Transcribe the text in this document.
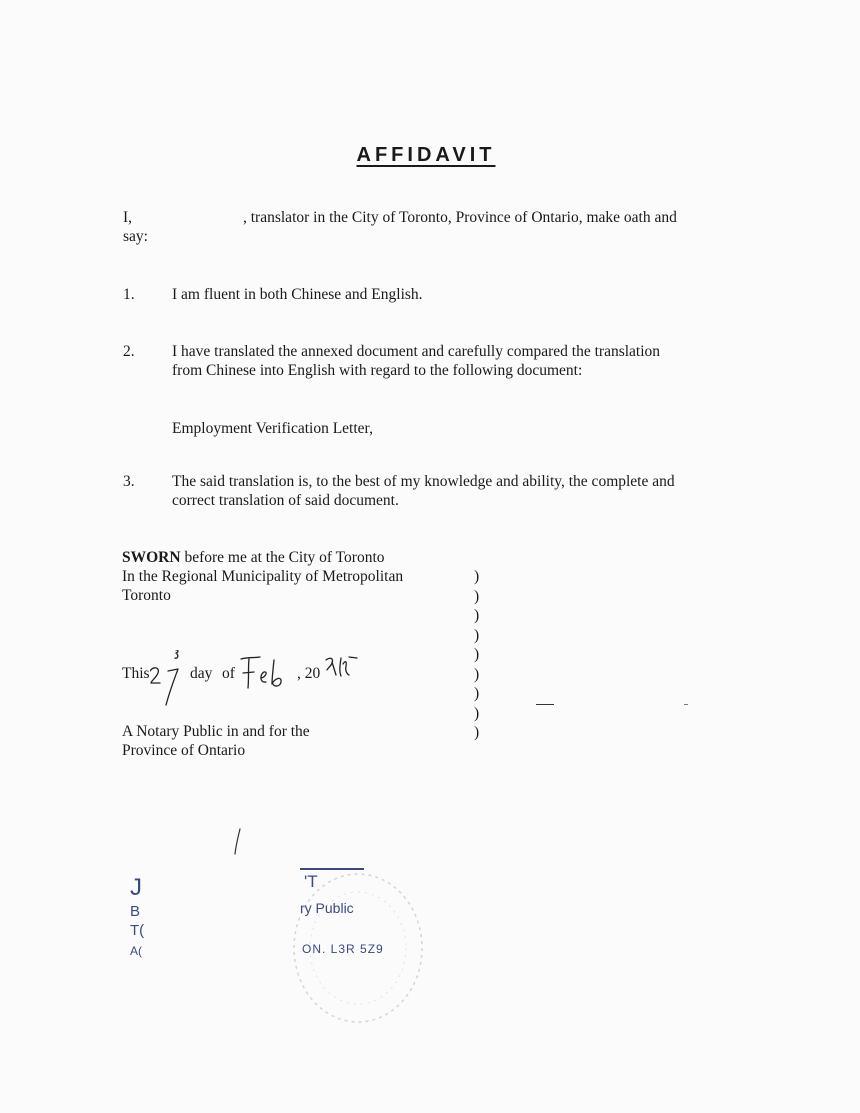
AFFIDAVIT
I,	, translator in the City of Toronto, Province of Ontario, make oath and
say:
1. I am fluent in both Chinese and English.
2. I have translated the annexed document and carefully compared the translation
from Chinese into English with regard to the following document:
Employment Verification Letter,
3. The said translation is, to the best of my knowledge and ability, the complete and
correct translation of said document.
SWORN before me at the City of Toronto
In the Regional Municipality of Metropolitan
Toronto
)
)
)
)
)
)
)
)
)
This	day of	, 20
A Notary Public in and for the
Province of Ontario
J
B
T(
A(
'T
ry Public
ON. L3R 5Z9
